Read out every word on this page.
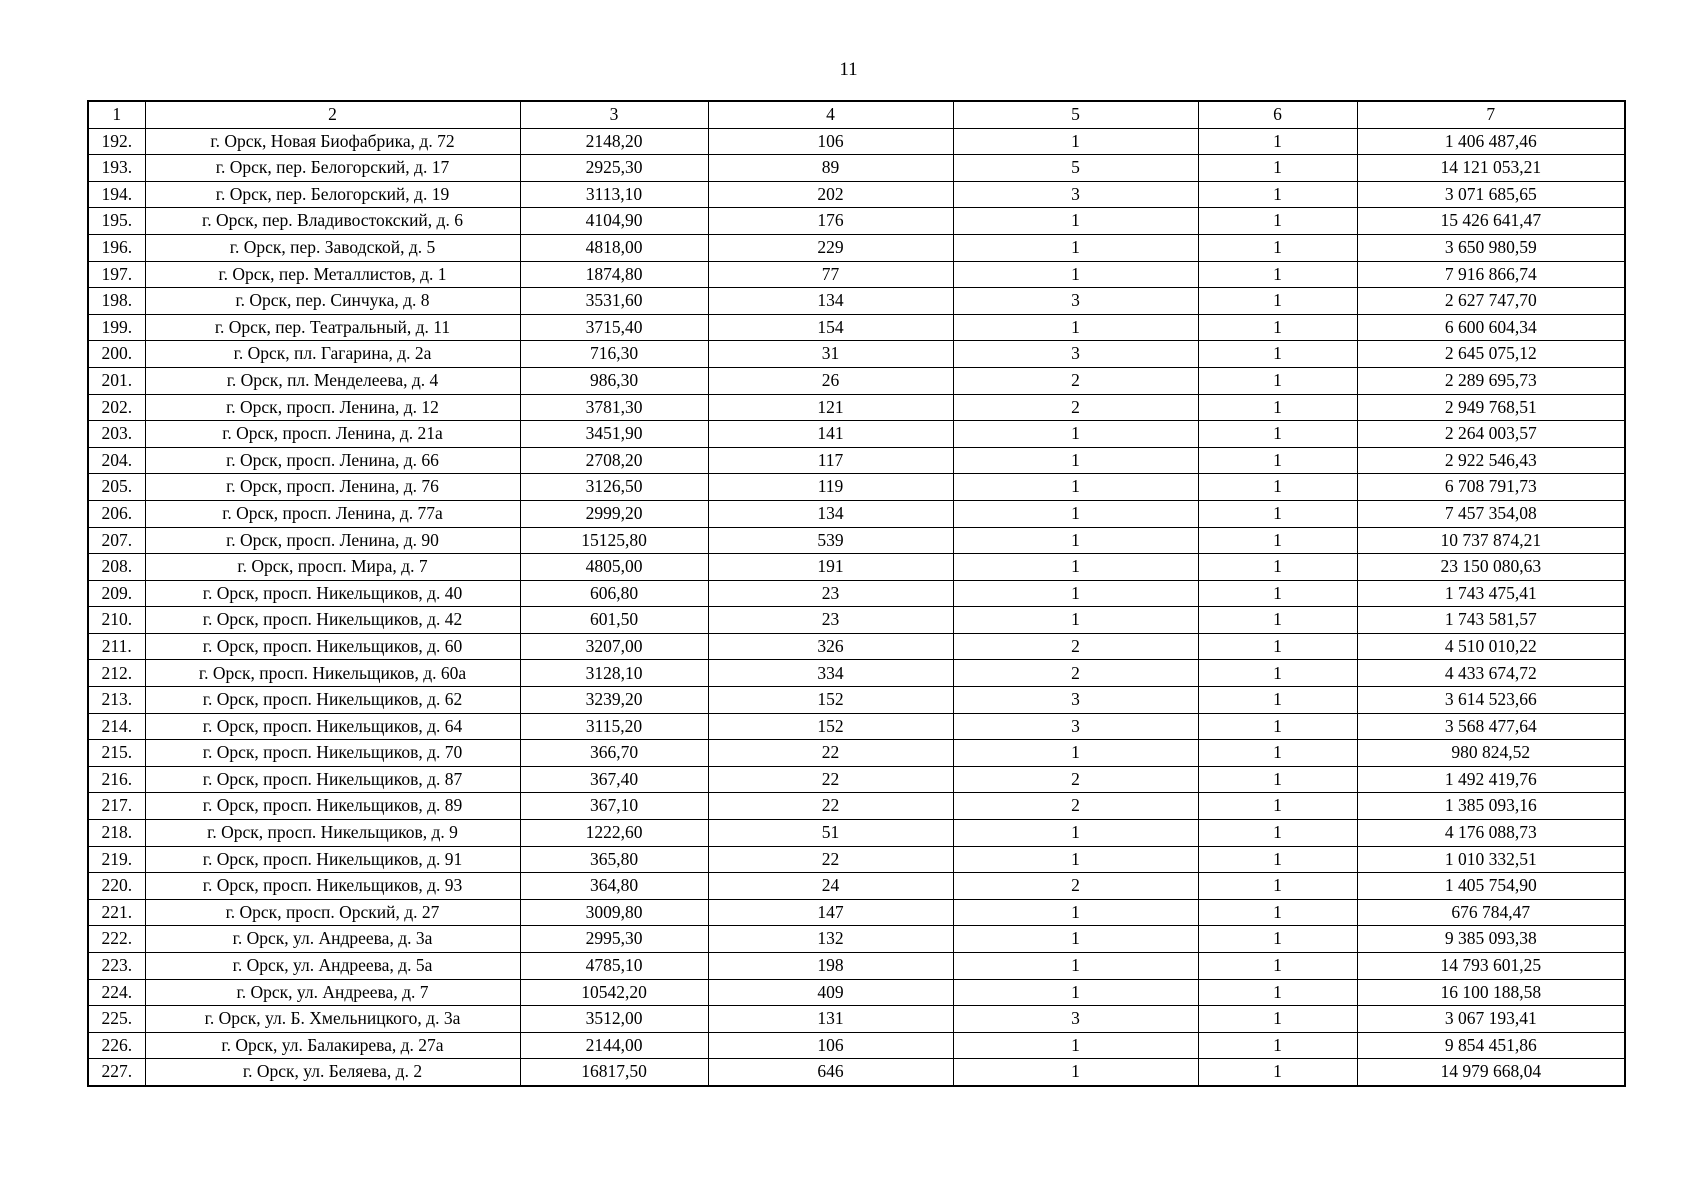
11
1	2	3	4	5	6	7
192.	г. Орск, Новая Биофабрика, д. 72	2148,20	106	1	1	1 406 487,46
193.	г. Орск, пер. Белогорский, д. 17	2925,30	89	5	1	14 121 053,21
194.	г. Орск, пер. Белогорский, д. 19	3113,10	202	3	1	3 071 685,65
195.	г. Орск, пер. Владивостокский, д. 6	4104,90	176	1	1	15 426 641,47
196.	г. Орск, пер. Заводской, д. 5	4818,00	229	1	1	3 650 980,59
197.	г. Орск, пер. Металлистов, д. 1	1874,80	77	1	1	7 916 866,74
198.	г. Орск, пер. Синчука, д. 8	3531,60	134	3	1	2 627 747,70
199.	г. Орск, пер. Театральный, д. 11	3715,40	154	1	1	6 600 604,34
200.	г. Орск, пл. Гагарина, д. 2а	716,30	31	3	1	2 645 075,12
201.	г. Орск, пл. Менделеева, д. 4	986,30	26	2	1	2 289 695,73
202.	г. Орск, просп. Ленина, д. 12	3781,30	121	2	1	2 949 768,51
203.	г. Орск, просп. Ленина, д. 21а	3451,90	141	1	1	2 264 003,57
204.	г. Орск, просп. Ленина, д. 66	2708,20	117	1	1	2 922 546,43
205.	г. Орск, просп. Ленина, д. 76	3126,50	119	1	1	6 708 791,73
206.	г. Орск, просп. Ленина, д. 77а	2999,20	134	1	1	7 457 354,08
207.	г. Орск, просп. Ленина, д. 90	15125,80	539	1	1	10 737 874,21
208.	г. Орск, просп. Мира, д. 7	4805,00	191	1	1	23 150 080,63
209.	г. Орск, просп. Никельщиков, д. 40	606,80	23	1	1	1 743 475,41
210.	г. Орск, просп. Никельщиков, д. 42	601,50	23	1	1	1 743 581,57
211.	г. Орск, просп. Никельщиков, д. 60	3207,00	326	2	1	4 510 010,22
212.	г. Орск, просп. Никельщиков, д. 60а	3128,10	334	2	1	4 433 674,72
213.	г. Орск, просп. Никельщиков, д. 62	3239,20	152	3	1	3 614 523,66
214.	г. Орск, просп. Никельщиков, д. 64	3115,20	152	3	1	3 568 477,64
215.	г. Орск, просп. Никельщиков, д. 70	366,70	22	1	1	980 824,52
216.	г. Орск, просп. Никельщиков, д. 87	367,40	22	2	1	1 492 419,76
217.	г. Орск, просп. Никельщиков, д. 89	367,10	22	2	1	1 385 093,16
218.	г. Орск, просп. Никельщиков, д. 9	1222,60	51	1	1	4 176 088,73
219.	г. Орск, просп. Никельщиков, д. 91	365,80	22	1	1	1 010 332,51
220.	г. Орск, просп. Никельщиков, д. 93	364,80	24	2	1	1 405 754,90
221.	г. Орск, просп. Орский, д. 27	3009,80	147	1	1	676 784,47
222.	г. Орск, ул. Андреева, д. 3а	2995,30	132	1	1	9 385 093,38
223.	г. Орск, ул. Андреева, д. 5а	4785,10	198	1	1	14 793 601,25
224.	г. Орск, ул. Андреева, д. 7	10542,20	409	1	1	16 100 188,58
225.	г. Орск, ул. Б. Хмельницкого, д. 3а	3512,00	131	3	1	3 067 193,41
226.	г. Орск, ул. Балакирева, д. 27а	2144,00	106	1	1	9 854 451,86
227.	г. Орск, ул. Беляева, д. 2	16817,50	646	1	1	14 979 668,04
